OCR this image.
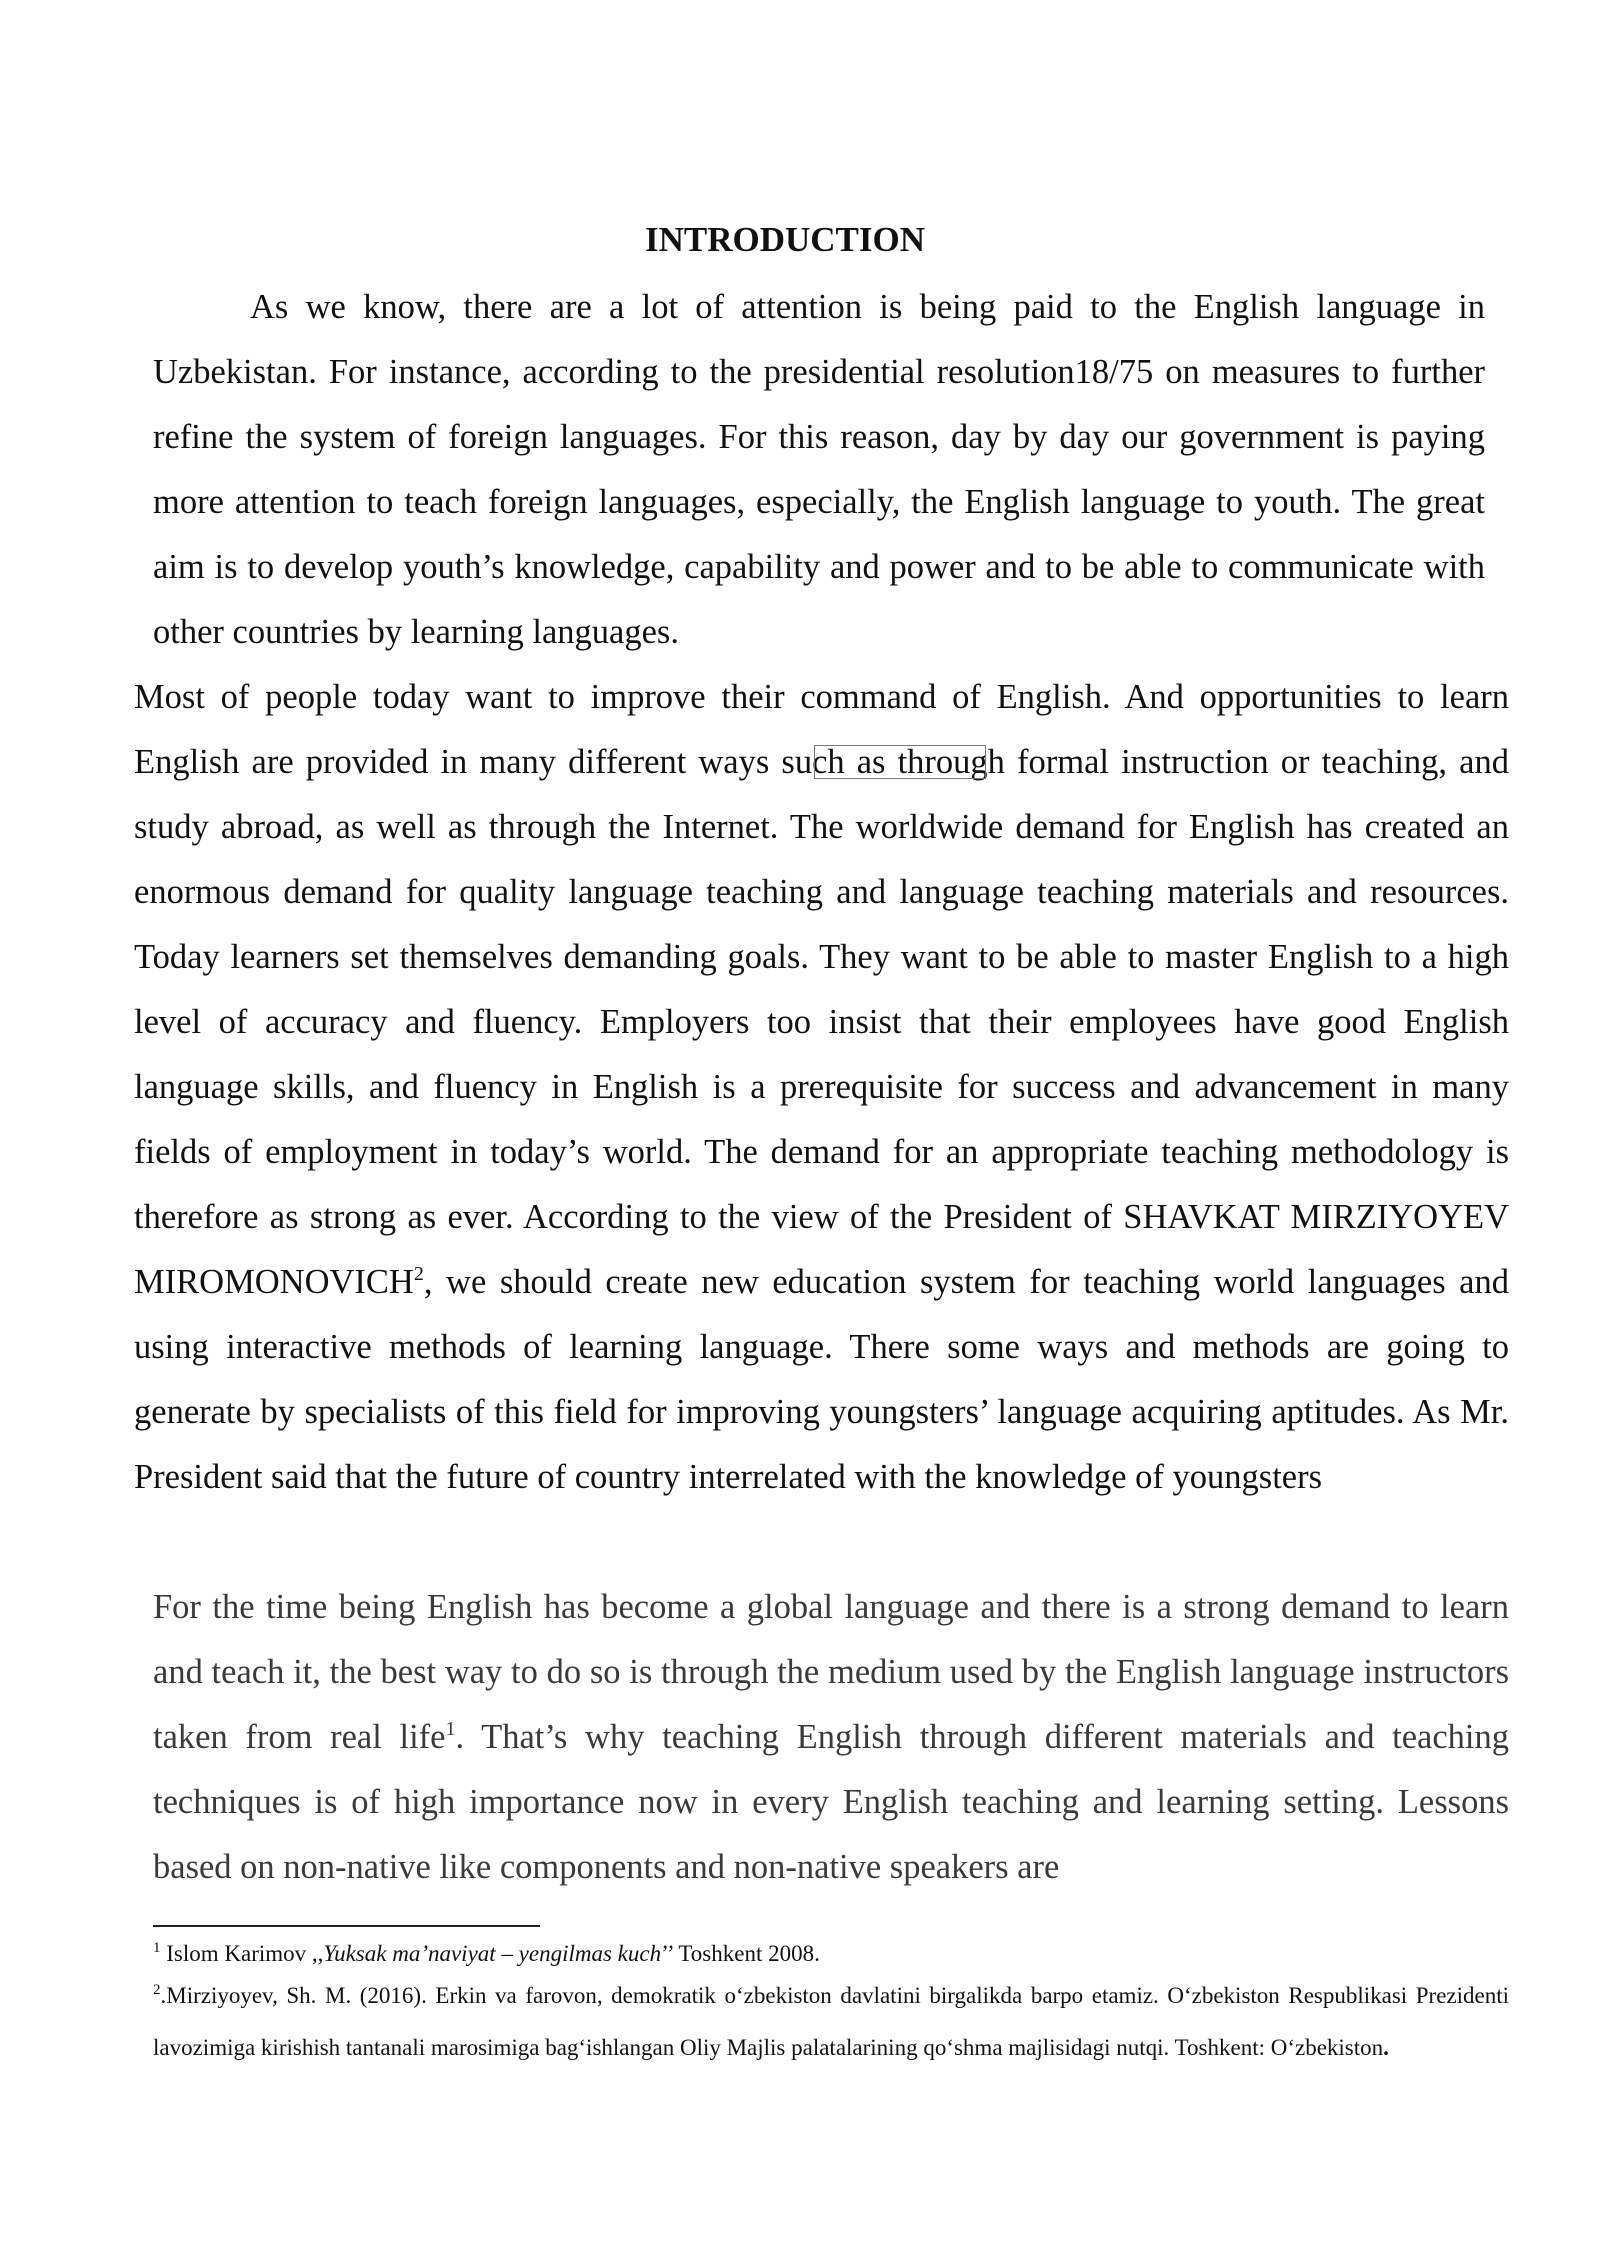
INTRODUCTION

As we know, there are a lot of attention is being paid to the English language in Uzbekistan. For instance, according to the presidential resolution18/75 on measures to further refine the system of foreign languages. For this reason, day by day our government is paying more attention to teach foreign languages, especially, the English language to youth. The great aim is to develop youth’s knowledge, capability and power and to be able to communicate with other countries by learning languages.

Most of people today want to improve their command of English. And opportunities to learn English are provided in many different ways such as through formal instruction or teaching, and study abroad, as well as through the Internet. The worldwide demand for English has created an enormous demand for quality language teaching and language teaching materials and resources. Today learners set themselves demanding goals. They want to be able to master English to a high level of accuracy and fluency. Employers too insist that their employees have good English language skills, and fluency in English is a prerequisite for success and advancement in many fields of employment in today’s world. The demand for an appropriate teaching methodology is therefore as strong as ever. According to the view of the President of SHAVKAT MIRZIYOYEV MIROMONOVICH$^2$, we should create new education system for teaching world languages and using interactive methods of learning language. There some ways and methods are going to generate by specialists of this field for improving youngsters’ language acquiring aptitudes. As Mr. President said that the future of country interrelated with the knowledge of youngsters

For the time being English has become a global language and there is a strong demand to learn and teach it, the best way to do so is through the medium used by the English language instructors taken from real life$^1$. That’s why teaching English through different materials and teaching techniques is of high importance now in every English teaching and learning setting. Lessons based on non-native like components and non-native speakers are

$^1$ Islom Karimov ,,Yuksak ma’naviyat – yengilmas kuch’’ Toshkent 2008.

$^2$.Mirziyoyev, Sh. M. (2016). Erkin va farovon, demokratik o‘zbekiston davlatini birgalikda barpo etamiz. O‘zbekiston Respublikasi Prezidenti lavozimiga kirishish tantanali marosimiga bag‘ishlangan Oliy Majlis palatalarining qo‘shma majlisidagi nutqi. Toshkent: O‘zbekiston.
